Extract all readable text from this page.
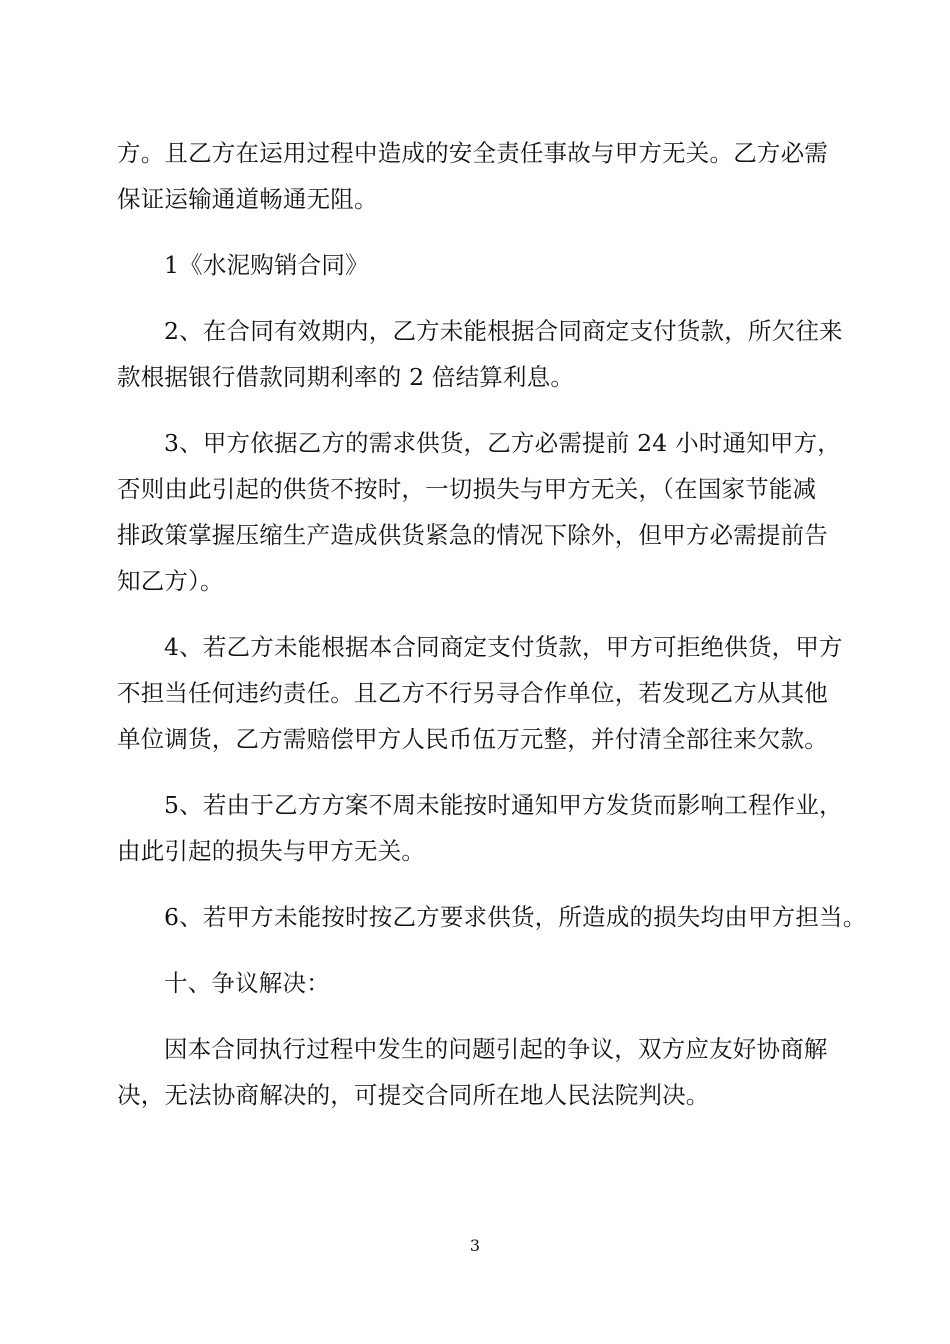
方。且乙方在运用过程中造成的安全责任事故与甲方无关。乙方必需
保证运输通道畅通无阻。
1《水泥购销合同》
2、在合同有效期内，乙方未能根据合同商定支付货款，所欠往来
款根据银行借款同期利率的 2 倍结算利息。
3、甲方依据乙方的需求供货，乙方必需提前 24 小时通知甲方，
否则由此引起的供货不按时，一切损失与甲方无关，（在国家节能减
排政策掌握压缩生产造成供货紧急的情况下除外，但甲方必需提前告
知乙方）。
4、若乙方未能根据本合同商定支付货款，甲方可拒绝供货，甲方
不担当任何违约责任。且乙方不行另寻合作单位，若发现乙方从其他
单位调货，乙方需赔偿甲方人民币伍万元整，并付清全部往来欠款。
5、若由于乙方方案不周未能按时通知甲方发货而影响工程作业，
由此引起的损失与甲方无关。
6、若甲方未能按时按乙方要求供货，所造成的损失均由甲方担当。
十、争议解决：
因本合同执行过程中发生的问题引起的争议，双方应友好协商解
决，无法协商解决的，可提交合同所在地人民法院判决。
3
